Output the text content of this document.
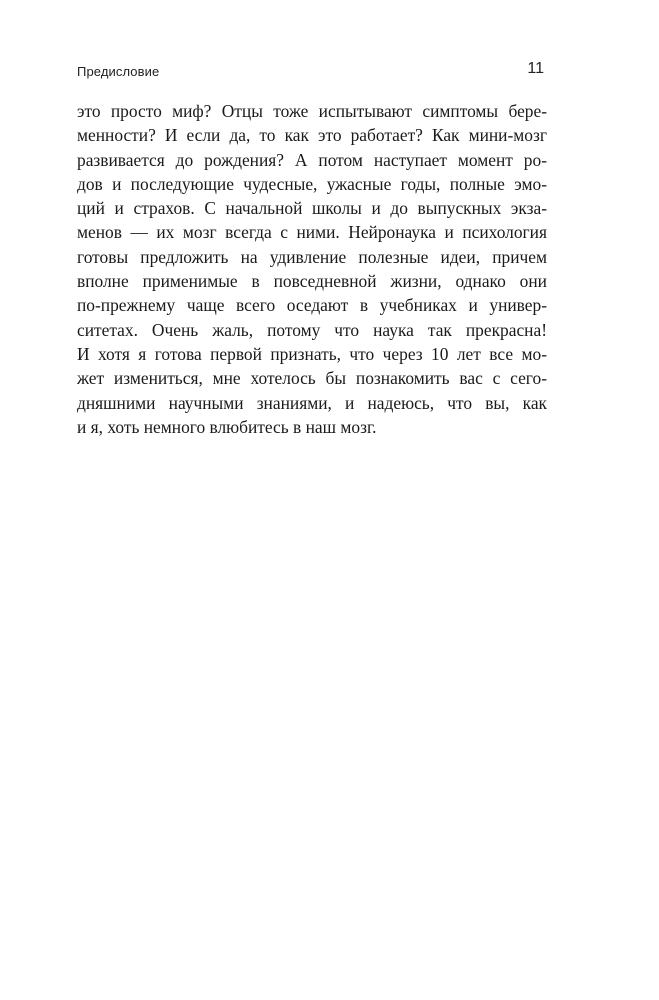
Предисловие	11
это просто миф? Отцы тоже испытывают симптомы бере-
менности? И если да, то как это работает? Как мини-мозг
развивается до рождения? А потом наступает момент ро-
дов и последующие чудесные, ужасные годы, полные эмо-
ций и страхов. С начальной школы и до выпускных экза-
менов — их мозг всегда с ними. Нейронаука и психология
готовы предложить на удивление полезные идеи, причем
вполне применимые в повседневной жизни, однако они
по-прежнему чаще всего оседают в учебниках и универ-
ситетах. Очень жаль, потому что наука так прекрасна!
И хотя я готова первой признать, что через 10 лет все мо-
жет измениться, мне хотелось бы познакомить вас с сего-
дняшними научными знаниями, и надеюсь, что вы, как
и я, хоть немного влюбитесь в наш мозг.
